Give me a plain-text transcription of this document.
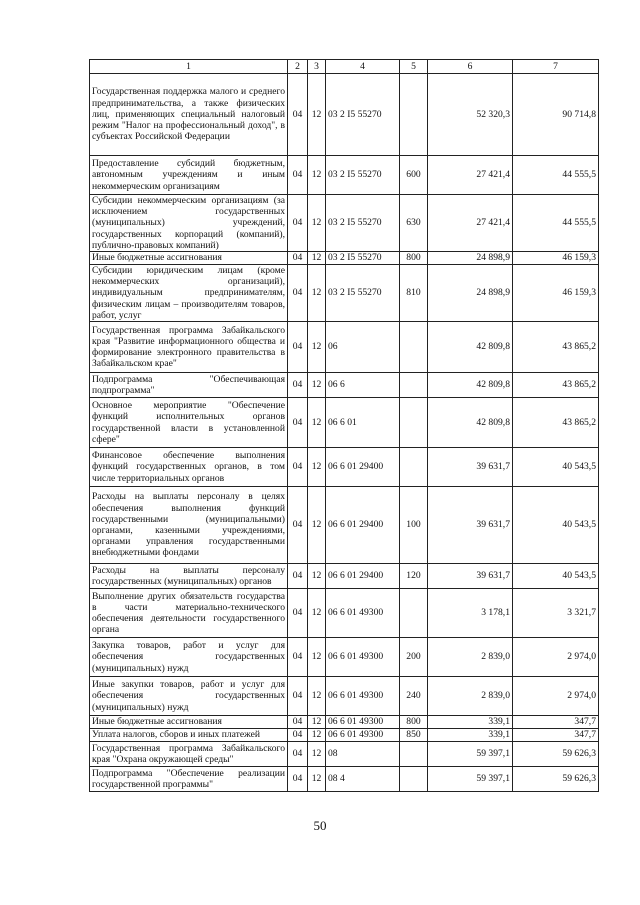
1	2	3	4	5	6	7
Государственная поддержка малого и среднего предпринимательства, а также физических лиц, применяющих специальный налоговый режим "Налог на профессиональный доход", в субъектах Российской Федерации	04	12	03 2 I5 55270		52 320,3	90 714,8
Предоставление субсидий бюджетным, автономным учреждениям и иным некоммерческим организациям	04	12	03 2 I5 55270	600	27 421,4	44 555,5
Субсидии некоммерческим организациям (за исключением государственных (муниципальных) учреждений, государственных корпораций (компаний), публично-правовых компаний)	04	12	03 2 I5 55270	630	27 421,4	44 555,5
Иные бюджетные ассигнования	04	12	03 2 I5 55270	800	24 898,9	46 159,3
Субсидии юридическим лицам (кроме некоммерческих организаций), индивидуальным предпринимателям, физическим лицам – производителям товаров, работ, услуг	04	12	03 2 I5 55270	810	24 898,9	46 159,3
Государственная программа Забайкальского края "Развитие информационного общества и формирование электронного правительства в Забайкальском крае"	04	12	06		42 809,8	43 865,2
Подпрограмма "Обеспечивающая подпрограмма"	04	12	06 6		42 809,8	43 865,2
Основное мероприятие "Обеспечение функций исполнительных органов государственной власти в установленной сфере"	04	12	06 6 01		42 809,8	43 865,2
Финансовое обеспечение выполнения функций государственных органов, в том числе территориальных органов	04	12	06 6 01 29400		39 631,7	40 543,5
Расходы на выплаты персоналу в целях обеспечения выполнения функций государственными (муниципальными) органами, казенными учреждениями, органами управления государственными внебюджетными фондами	04	12	06 6 01 29400	100	39 631,7	40 543,5
Расходы на выплаты персоналу государственных (муниципальных) органов	04	12	06 6 01 29400	120	39 631,7	40 543,5
Выполнение других обязательств государства в части материально-технического обеспечения деятельности государственного органа	04	12	06 6 01 49300		3 178,1	3 321,7
Закупка товаров, работ и услуг для обеспечения государственных (муниципальных) нужд	04	12	06 6 01 49300	200	2 839,0	2 974,0
Иные закупки товаров, работ и услуг для обеспечения государственных (муниципальных) нужд	04	12	06 6 01 49300	240	2 839,0	2 974,0
Иные бюджетные ассигнования	04	12	06 6 01 49300	800	339,1	347,7
Уплата налогов, сборов и иных платежей	04	12	06 6 01 49300	850	339,1	347,7
Государственная программа Забайкальского края "Охрана окружающей среды"	04	12	08		59 397,1	59 626,3
Подпрограмма "Обеспечение реализации государственной программы"	04	12	08 4		59 397,1	59 626,3
50
